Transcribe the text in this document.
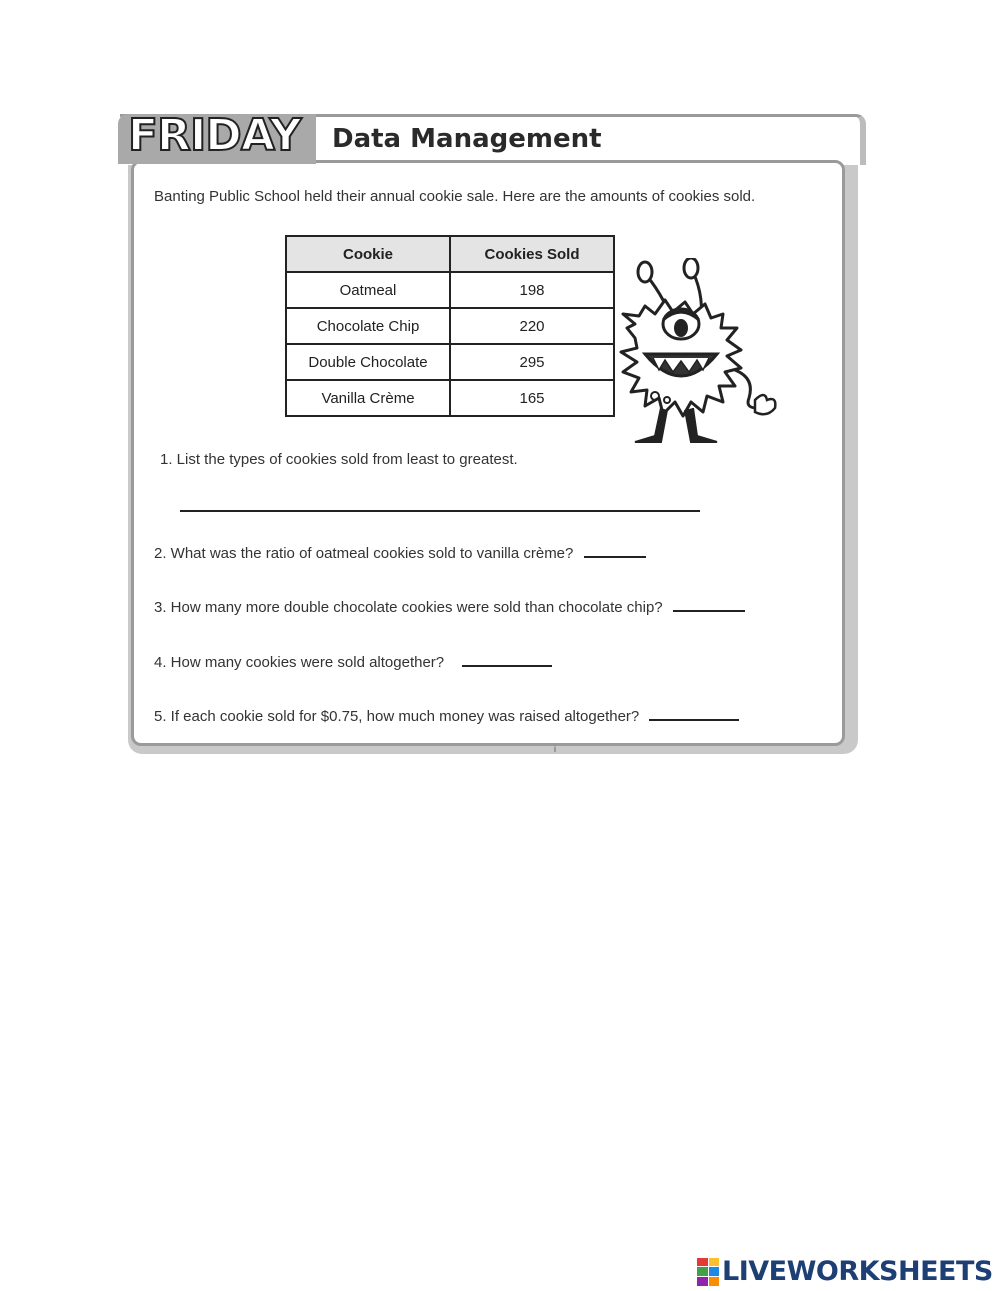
FRIDAY Data Management
Banting Public School held their annual cookie sale. Here are the amounts of cookies sold.
Cookie	Cookies Sold
Oatmeal	198
Chocolate Chip	220
Double Chocolate	295
Vanilla Crème	165
1. List the types of cookies sold from least to greatest.
2. What was the ratio of oatmeal cookies sold to vanilla crème?
3. How many more double chocolate cookies were sold than chocolate chip?
4. How many cookies were sold altogether?
5. If each cookie sold for $0.75, how much money was raised altogether?
i
LIVEWORKSHEETS
